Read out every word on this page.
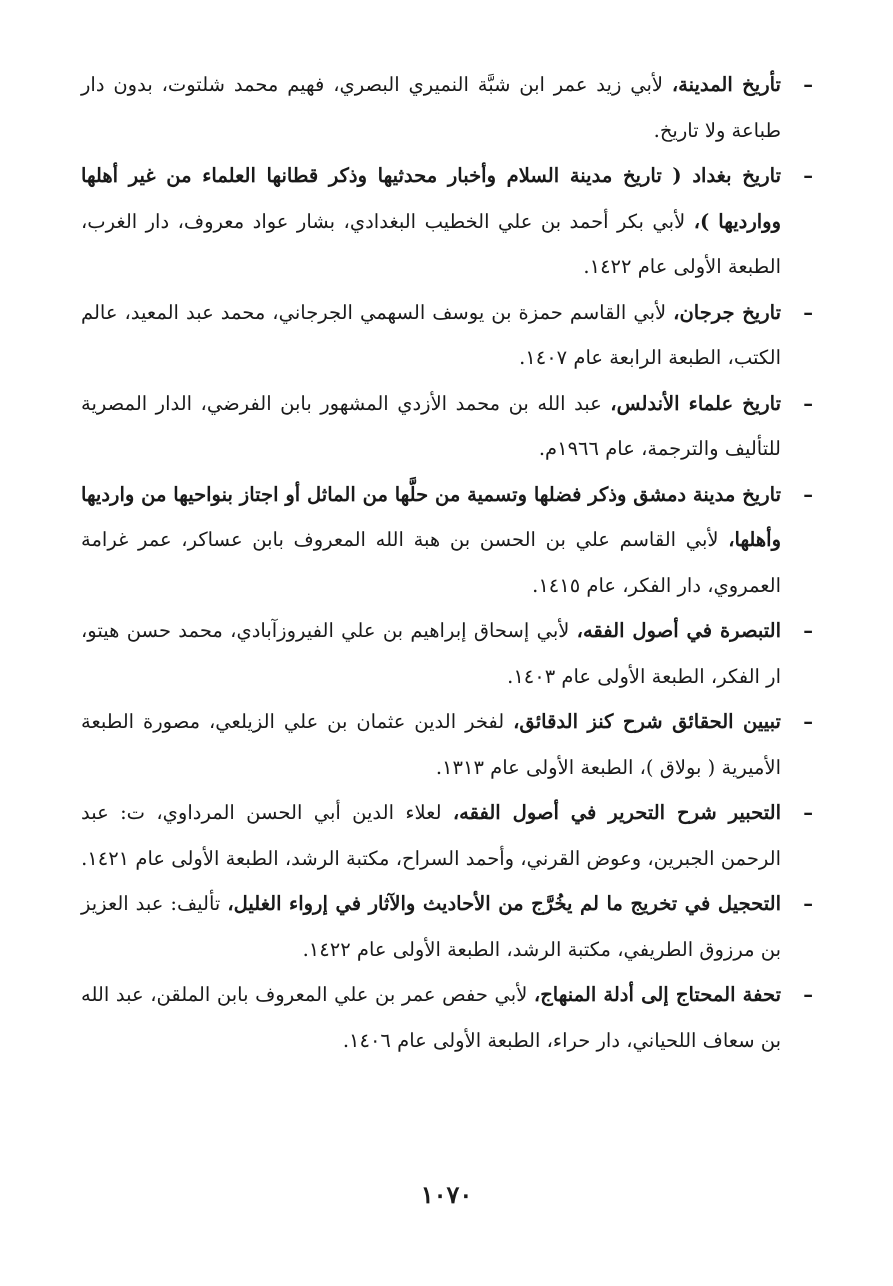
–
تأريخ المدينة، لأبي زيد عمر ابن شبَّة النميري البصري، فهيم محمد شلتوت، بدون دار طباعة ولا تاريخ.
–
تاريخ بغداد ( تاريخ مدينة السلام وأخبار محدثيها وذكر قطانها العلماء من غير أهلها ووارديها )، لأبي بكر أحمد بن علي الخطيب البغدادي، بشار عواد معروف، دار الغرب، الطبعة الأولى عام ١٤٢٢.
–
تاريخ جرجان، لأبي القاسم حمزة بن يوسف السهمي الجرجاني، محمد عبد المعيد، عالم الكتب، الطبعة الرابعة عام ١٤٠٧.
–
تاريخ علماء الأندلس، عبد الله بن محمد الأزدي المشهور بابن الفرضي، الدار المصرية للتأليف والترجمة، عام ١٩٦٦م.
–
تاريخ مدينة دمشق وذكر فضلها وتسمية من حلَّها من الماثل أو اجتاز بنواحيها من وارديها وأهلها، لأبي القاسم علي بن الحسن بن هبة الله المعروف بابن عساكر، عمر غرامة العمروي، دار الفكر، عام ١٤١٥.
–
التبصرة في أصول الفقه، لأبي إسحاق إبراهيم بن علي الفيروزآبادي، محمد حسن هيتو، ار الفكر، الطبعة الأولى عام ١٤٠٣.
–
تبيين الحقائق شرح كنز الدقائق، لفخر الدين عثمان بن علي الزيلعي، مصورة الطبعة الأميرية ( بولاق )، الطبعة الأولى عام ١٣١٣.
–
التحبير شرح التحرير في أصول الفقه، لعلاء الدين أبي الحسن المرداوي، ت: عبد الرحمن الجبرين، وعوض القرني، وأحمد السراح، مكتبة الرشد، الطبعة الأولى عام ١٤٢١.
–
التحجيل في تخريج ما لم يخُرَّج من الأحاديث والآثار في إرواء الغليل، تأليف: عبد العزيز بن مرزوق الطريفي، مكتبة الرشد، الطبعة الأولى عام ١٤٢٢.
–
تحفة المحتاج إلى أدلة المنهاج، لأبي حفص عمر بن علي المعروف بابن الملقن، عبد الله بن سعاف اللحياني، دار حراء، الطبعة الأولى عام ١٤٠٦.
١٠٧٠
